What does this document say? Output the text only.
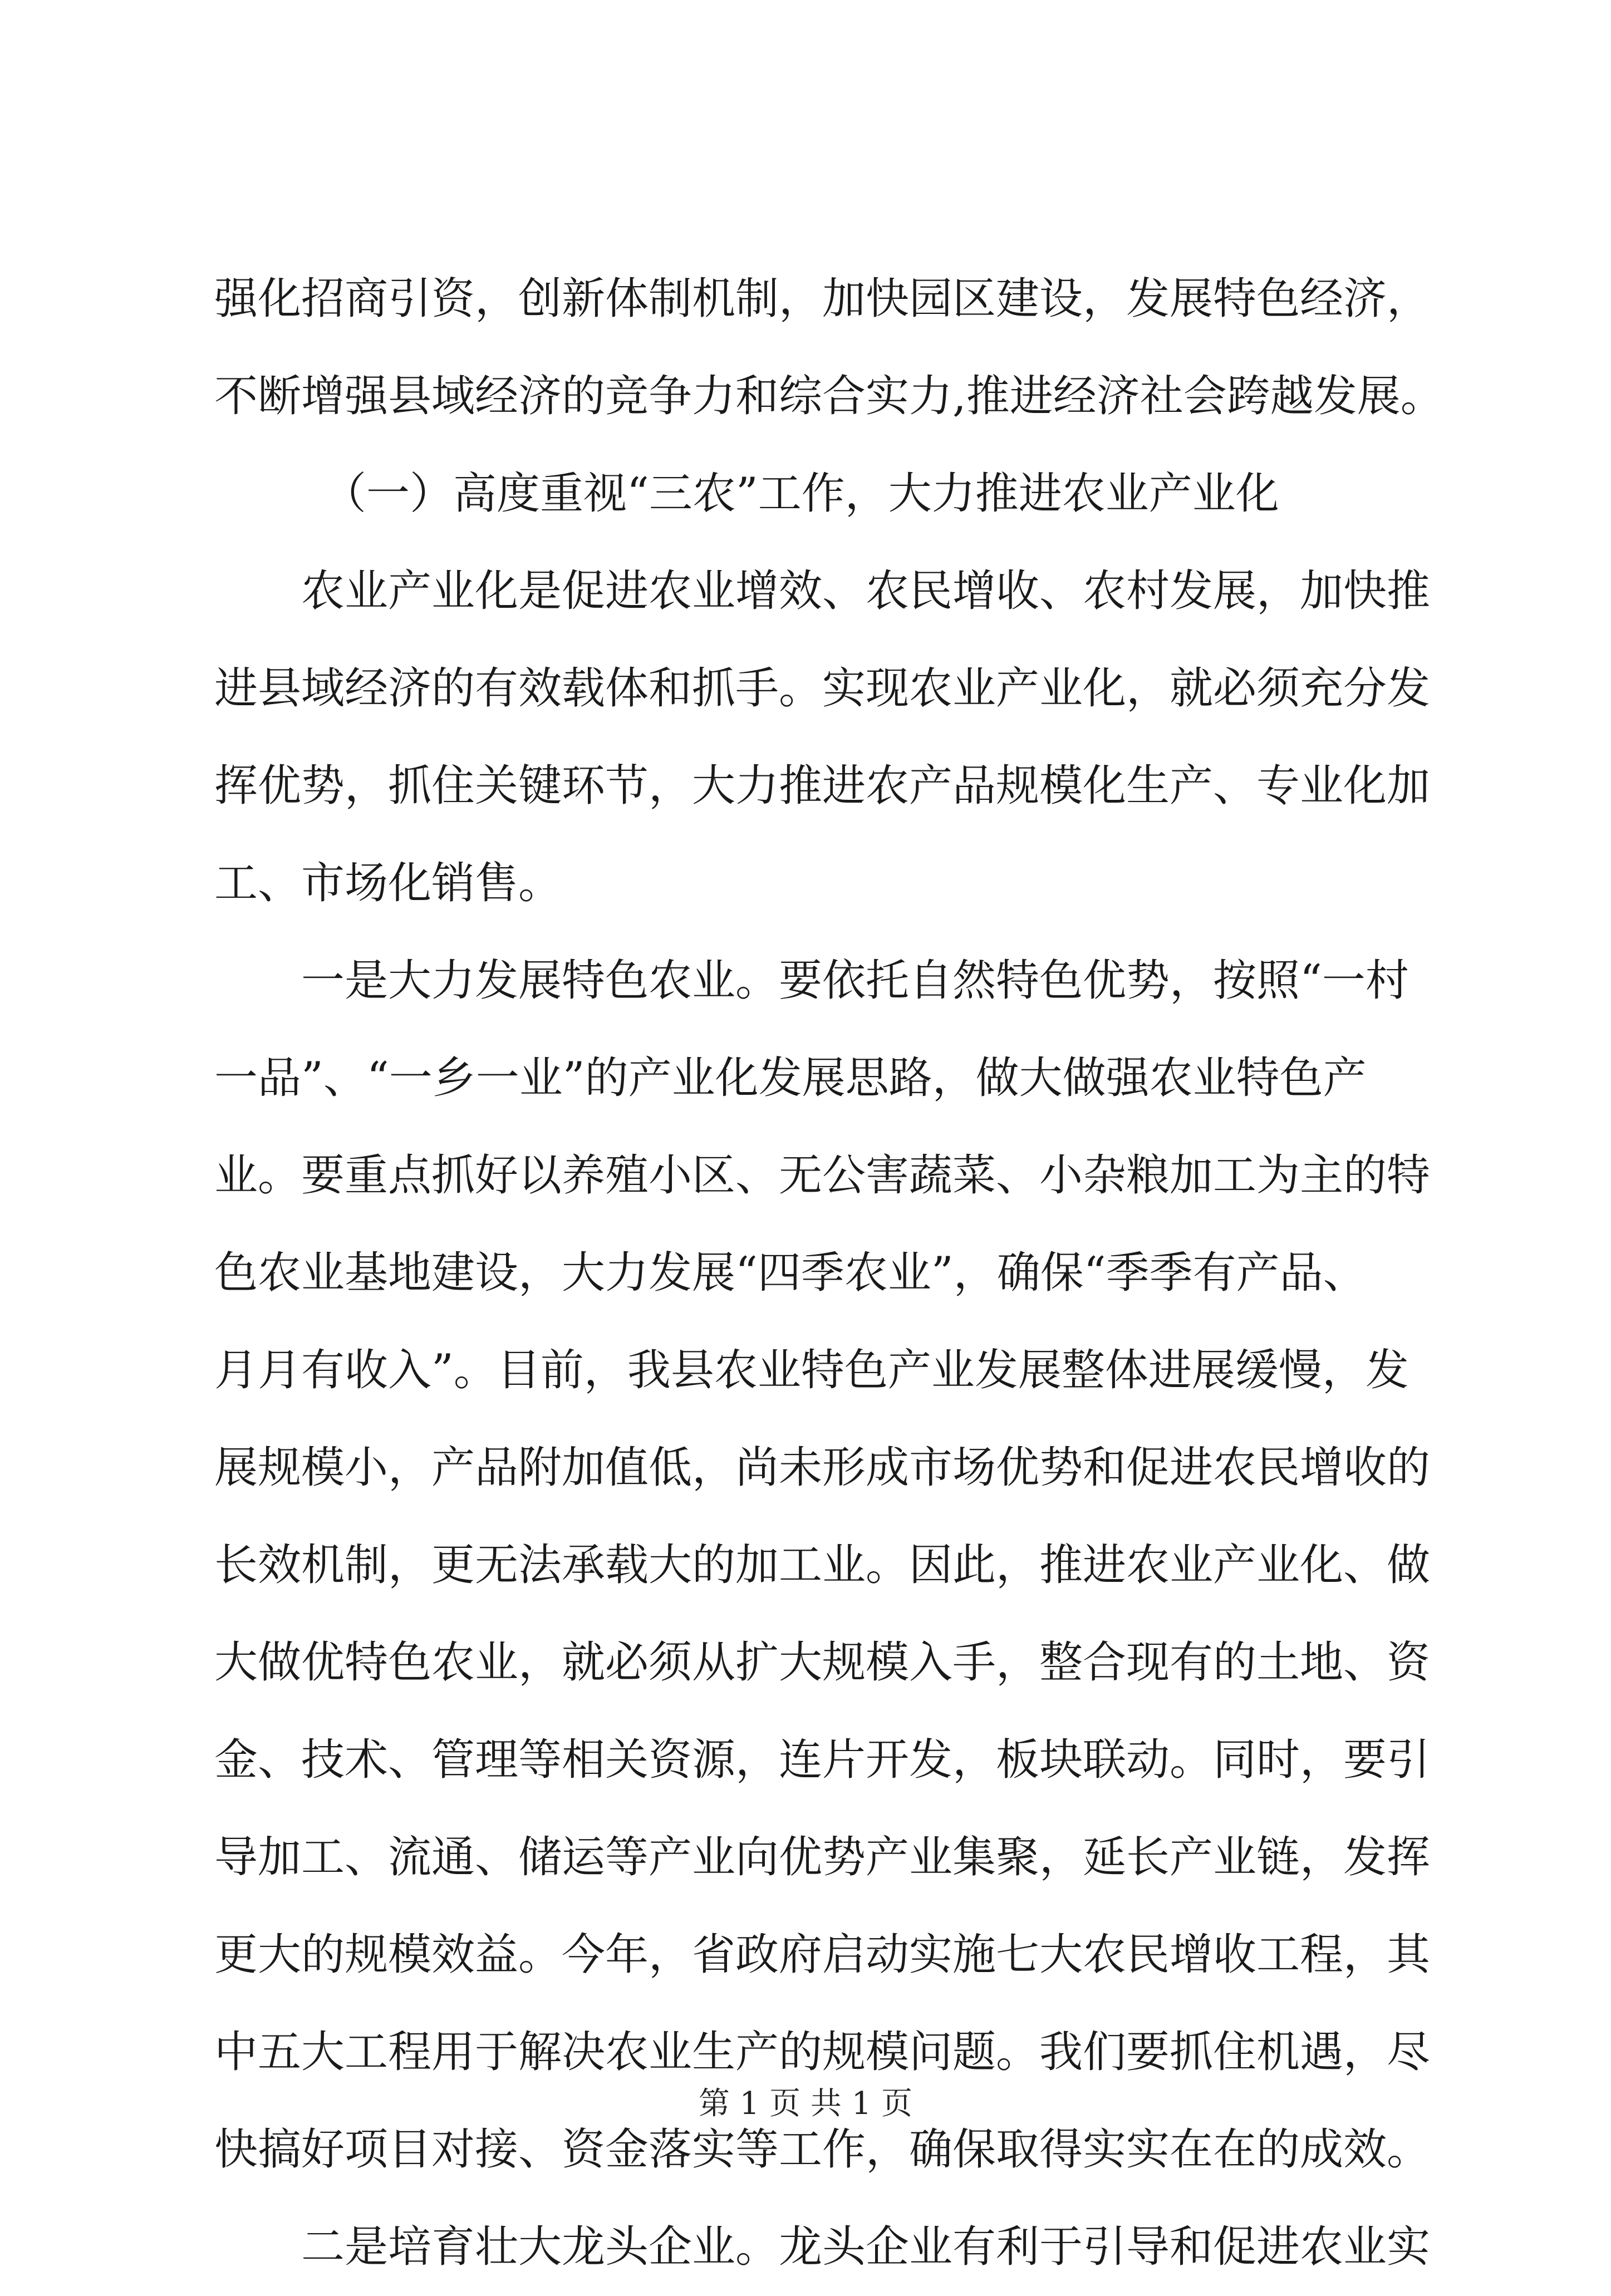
强化招商引资，创新体制机制，加快园区建设，发展特色经济，
不断增强县域经济的竞争力和综合实力,推进经济社会跨越发展。
（一）高度重视“三农”工作，大力推进农业产业化
农业产业化是促进农业增效、农民增收、农村发展，加快推
进县域经济的有效载体和抓手。实现农业产业化，就必须充分发
挥优势，抓住关键环节，大力推进农产品规模化生产、专业化加
工、市场化销售。
一是大力发展特色农业。要依托自然特色优势，按照“一村
一品”、“一乡一业”的产业化发展思路，做大做强农业特色产
业。要重点抓好以养殖小区、无公害蔬菜、小杂粮加工为主的特
色农业基地建设，大力发展“四季农业”，确保“季季有产品、
月月有收入”。目前，我县农业特色产业发展整体进展缓慢，发
展规模小，产品附加值低，尚未形成市场优势和促进农民增收的
长效机制，更无法承载大的加工业。因此，推进农业产业化、做
大做优特色农业，就必须从扩大规模入手，整合现有的土地、资
金、技术、管理等相关资源，连片开发，板块联动。同时，要引
导加工、流通、储运等产业向优势产业集聚，延长产业链，发挥
更大的规模效益。今年，省政府启动实施七大农民增收工程，其
中五大工程用于解决农业生产的规模问题。我们要抓住机遇，尽
快搞好项目对接、资金落实等工作，确保取得实实在在的成效。
二是培育壮大龙头企业。龙头企业有利于引导和促进农业实
第 1 页 共 1 页
